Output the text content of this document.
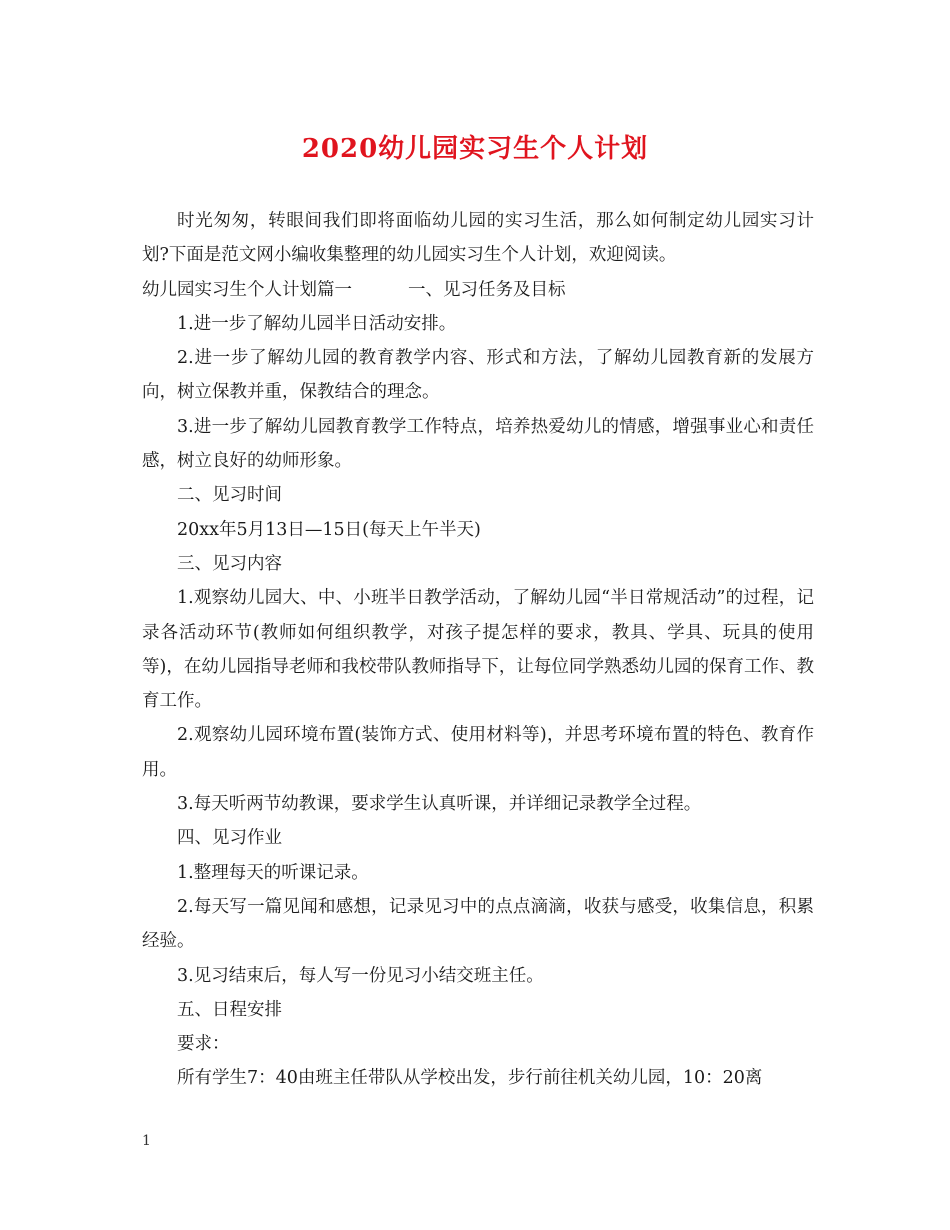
2020幼儿园实习生个人计划

时光匆匆，转眼间我们即将面临幼儿园的实习生活，那么如何制定幼儿园实习计划?下面是范文网小编收集整理的幼儿园实习生个人计划，欢迎阅读。

幼儿园实习生个人计划篇一	一、见习任务及目标

1.进一步了解幼儿园半日活动安排。

2.进一步了解幼儿园的教育教学内容、形式和方法，了解幼儿园教育新的发展方向，树立保教并重，保教结合的理念。

3.进一步了解幼儿园教育教学工作特点，培养热爱幼儿的情感，增强事业心和责任感，树立良好的幼师形象。

二、见习时间

20xx年5月13日—15日(每天上午半天)

三、见习内容

1.观察幼儿园大、中、小班半日教学活动，了解幼儿园“半日常规活动”的过程，记录各活动环节(教师如何组织教学，对孩子提怎样的要求，教具、学具、玩具的使用等)，在幼儿园指导老师和我校带队教师指导下，让每位同学熟悉幼儿园的保育工作、教育工作。

2.观察幼儿园环境布置(装饰方式、使用材料等)，并思考环境布置的特色、教育作用。

3.每天听两节幼教课，要求学生认真听课，并详细记录教学全过程。

四、见习作业

1.整理每天的听课记录。

2.每天写一篇见闻和感想，记录见习中的点点滴滴，收获与感受，收集信息，积累经验。

3.见习结束后，每人写一份见习小结交班主任。

五、日程安排

要求：

所有学生7：40由班主任带队从学校出发，步行前往机关幼儿园，10：20离

1
